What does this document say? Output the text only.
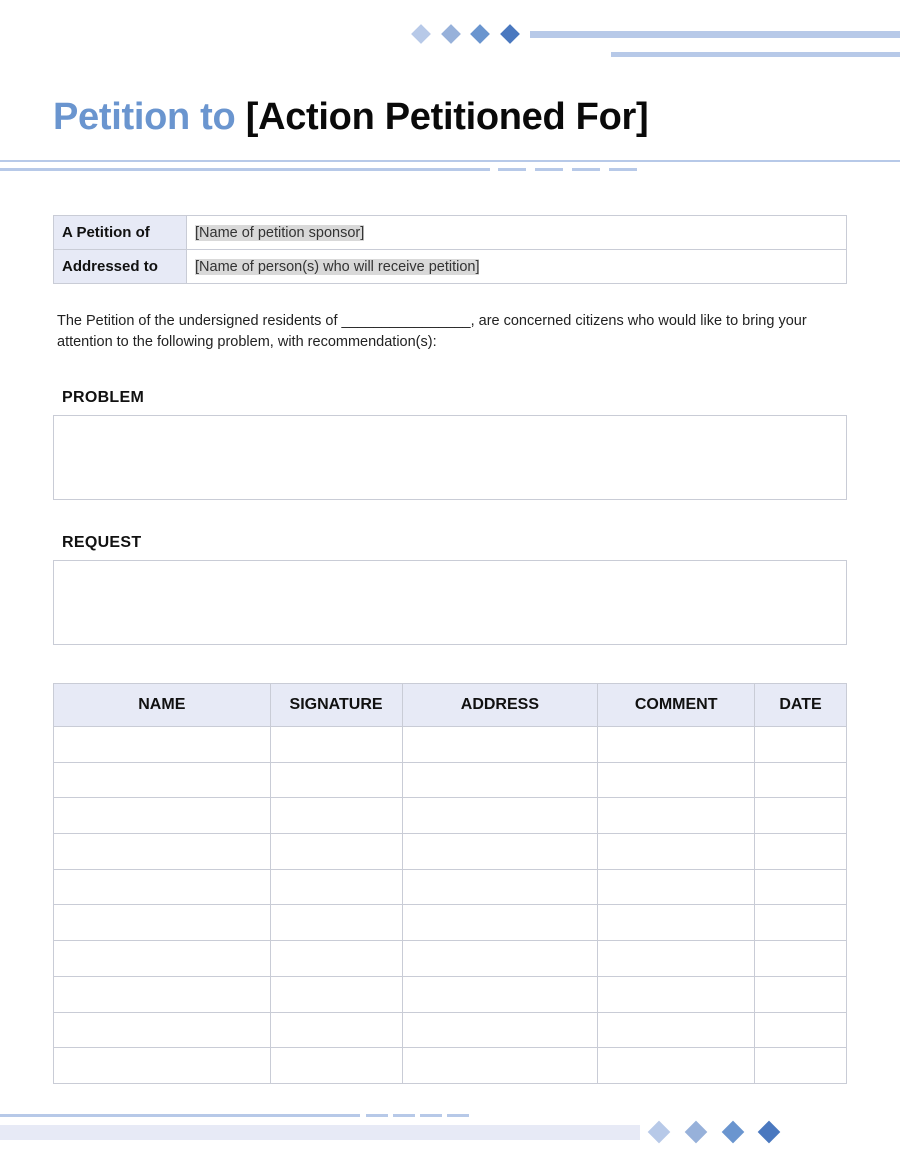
Petition to [Action Petitioned For]
A Petition of	[Name of petition sponsor]
Addressed to	[Name of person(s) who will receive petition]

The Petition of the undersigned residents of ________________, are concerned citizens who would like to bring your attention to the following problem, with recommendation(s):

PROBLEM
REQUEST
NAME	SIGNATURE	ADDRESS	COMMENT	DATE
